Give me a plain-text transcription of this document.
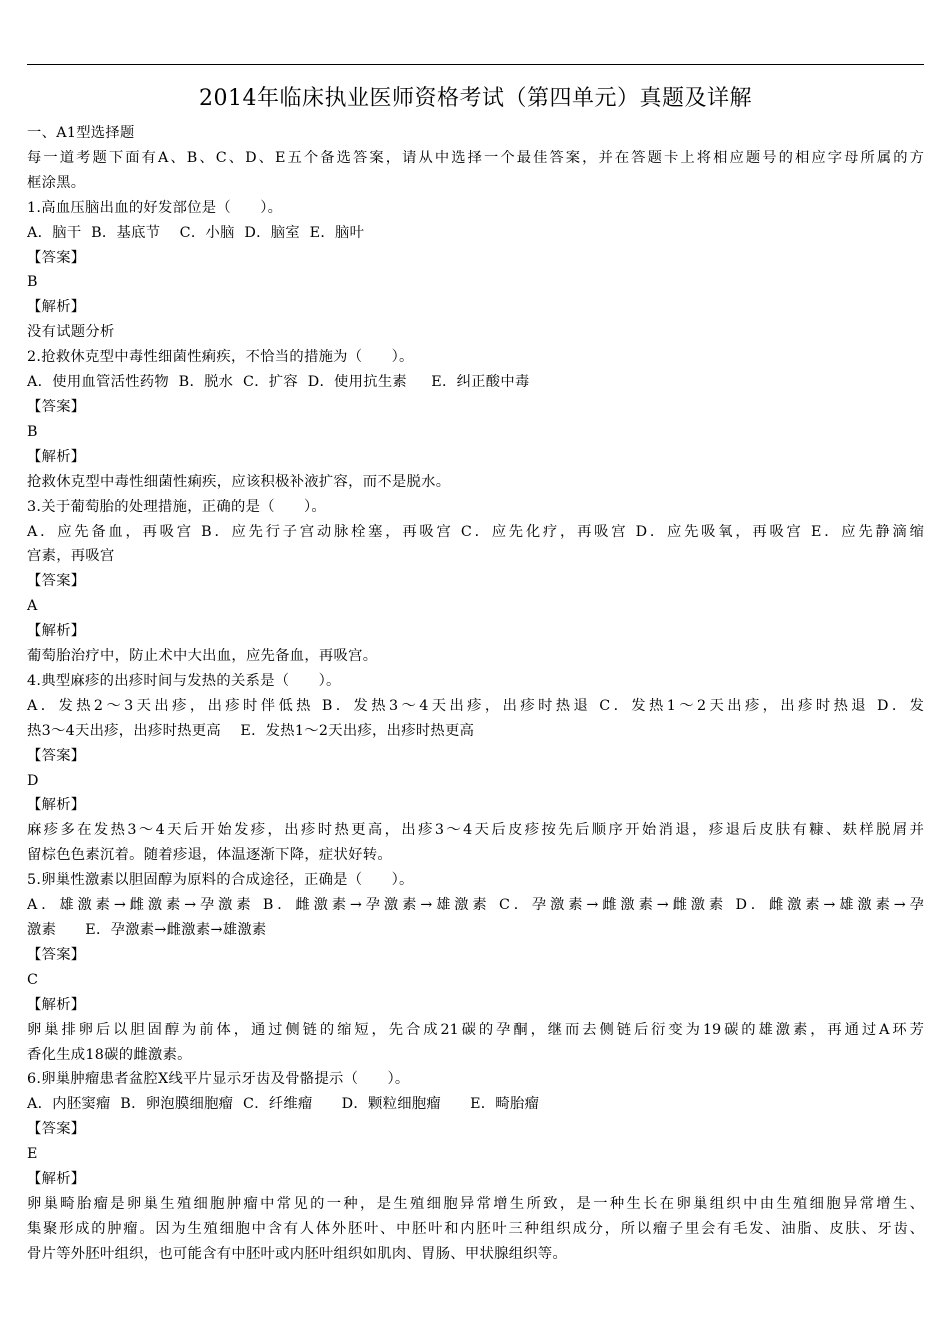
2014年临床执业医师资格考试（第四单元）真题及详解
一、A1型选择题
每一道考题下面有A、B、C、D、E五个备选答案，请从中选择一个最佳答案，并在答题卡上将相应题号的相应字母所属的方
框涂黑。
1.高血压脑出血的好发部位是（　　）。
A．脑干  B．基底节    C．小脑  D．脑室  E．脑叶
【答案】
B
【解析】
没有试题分析
2.抢救休克型中毒性细菌性痢疾，不恰当的措施为（　　）。
A．使用血管活性药物  B．脱水  C．扩容  D．使用抗生素     E．纠正酸中毒
【答案】
B
【解析】
抢救休克型中毒性细菌性痢疾，应该积极补液扩容，而不是脱水。
3.关于葡萄胎的处理措施，正确的是（　　）。
A．应先备血，再吸宫 B．应先行子宫动脉栓塞，再吸宫 C．应先化疗，再吸宫 D．应先吸氧，再吸宫 E．应先静滴缩
宫素，再吸宫
【答案】
A
【解析】
葡萄胎治疗中，防止术中大出血，应先备血，再吸宫。
4.典型麻疹的出疹时间与发热的关系是（　　）。
A．发热2～3天出疹，出疹时伴低热 B．发热3～4天出疹，出疹时热退 C．发热1～2天出疹，出疹时热退 D．发
热3～4天出疹，出疹时热更高    E．发热1～2天出疹，出疹时热更高
【答案】
D
【解析】
麻疹多在发热3～4天后开始发疹，出疹时热更高，出疹3～4天后皮疹按先后顺序开始消退，疹退后皮肤有糠、麸样脱屑并
留棕色色素沉着。随着疹退，体温逐渐下降，症状好转。
5.卵巢性激素以胆固醇为原料的合成途径，正确是（　　）。
A．雄激素→雌激素→孕激素 B．雌激素→孕激素→雄激素 C．孕激素→雌激素→雌激素 D．雌激素→雄激素→孕
激素      E．孕激素→雌激素→雄激素
【答案】
C
【解析】
卵巢排卵后以胆固醇为前体，通过侧链的缩短，先合成21碳的孕酮，继而去侧链后衍变为19碳的雄激素，再通过A环芳
香化生成18碳的雌激素。
6.卵巢肿瘤患者盆腔X线平片显示牙齿及骨骼提示（　　）。
A．内胚窦瘤  B．卵泡膜细胞瘤  C．纤维瘤      D．颗粒细胞瘤      E．畸胎瘤
【答案】
E
【解析】
卵巢畸胎瘤是卵巢生殖细胞肿瘤中常见的一种，是生殖细胞异常增生所致，是一种生长在卵巢组织中由生殖细胞异常增生、
集聚形成的肿瘤。因为生殖细胞中含有人体外胚叶、中胚叶和内胚叶三种组织成分，所以瘤子里会有毛发、油脂、皮肤、牙齿、
骨片等外胚叶组织，也可能含有中胚叶或内胚叶组织如肌肉、胃肠、甲状腺组织等。
